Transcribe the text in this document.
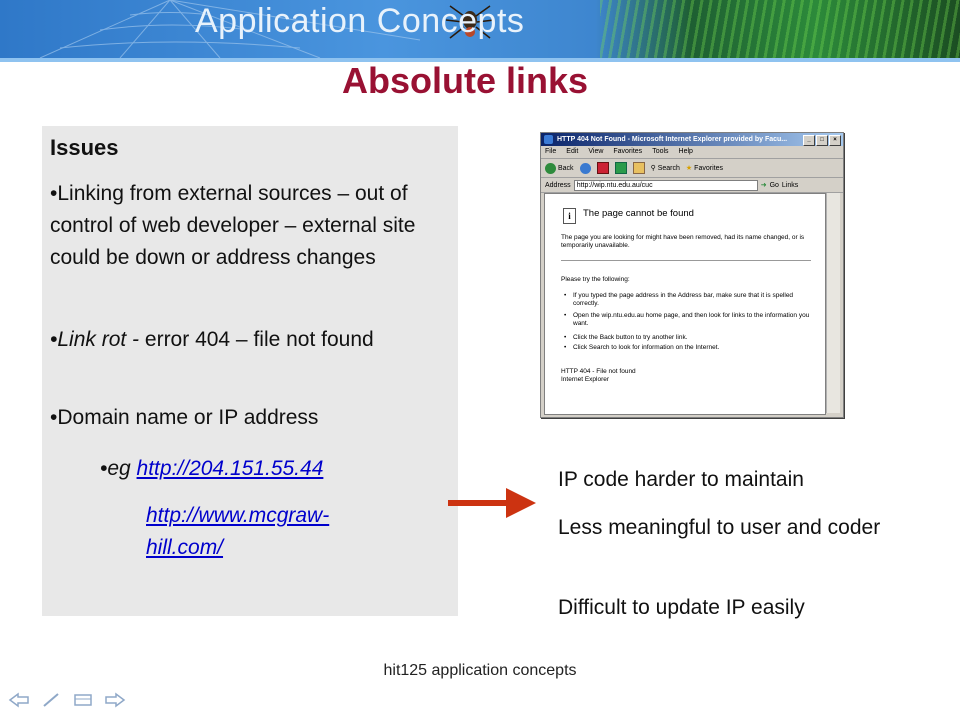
Application Concepts
Absolute links
Issues
•Linking from external sources – out of control of web developer – external site could be down or address changes
•Link rot - error 404 – file not found
•Domain name or IP address
•eg http://204.151.55.44
http://www.mcgraw-hill.com/
HTTP 404 Not Found - Microsoft Internet Explorer provided by Facu...	_	□	×
File Edit View Favorites Tools Help
Back	⚲ Search ★ Favorites
Address http://wip.ntu.edu.au/cuc	➜ Go Links
i	The page cannot be found
The page you are looking for might have been removed, had its name changed, or is temporarily unavailable.
Please try the following:
• If you typed the page address in the Address bar, make sure that it is spelled correctly.
• Open the wip.ntu.edu.au home page, and then look for links to the information you want.
• Click the Back button to try another link.
• Click Search to look for information on the Internet.
HTTP 404 - File not found
Internet Explorer
IP code harder to maintain
Less meaningful to user and coder
Difficult to update IP easily
hit125 application concepts
